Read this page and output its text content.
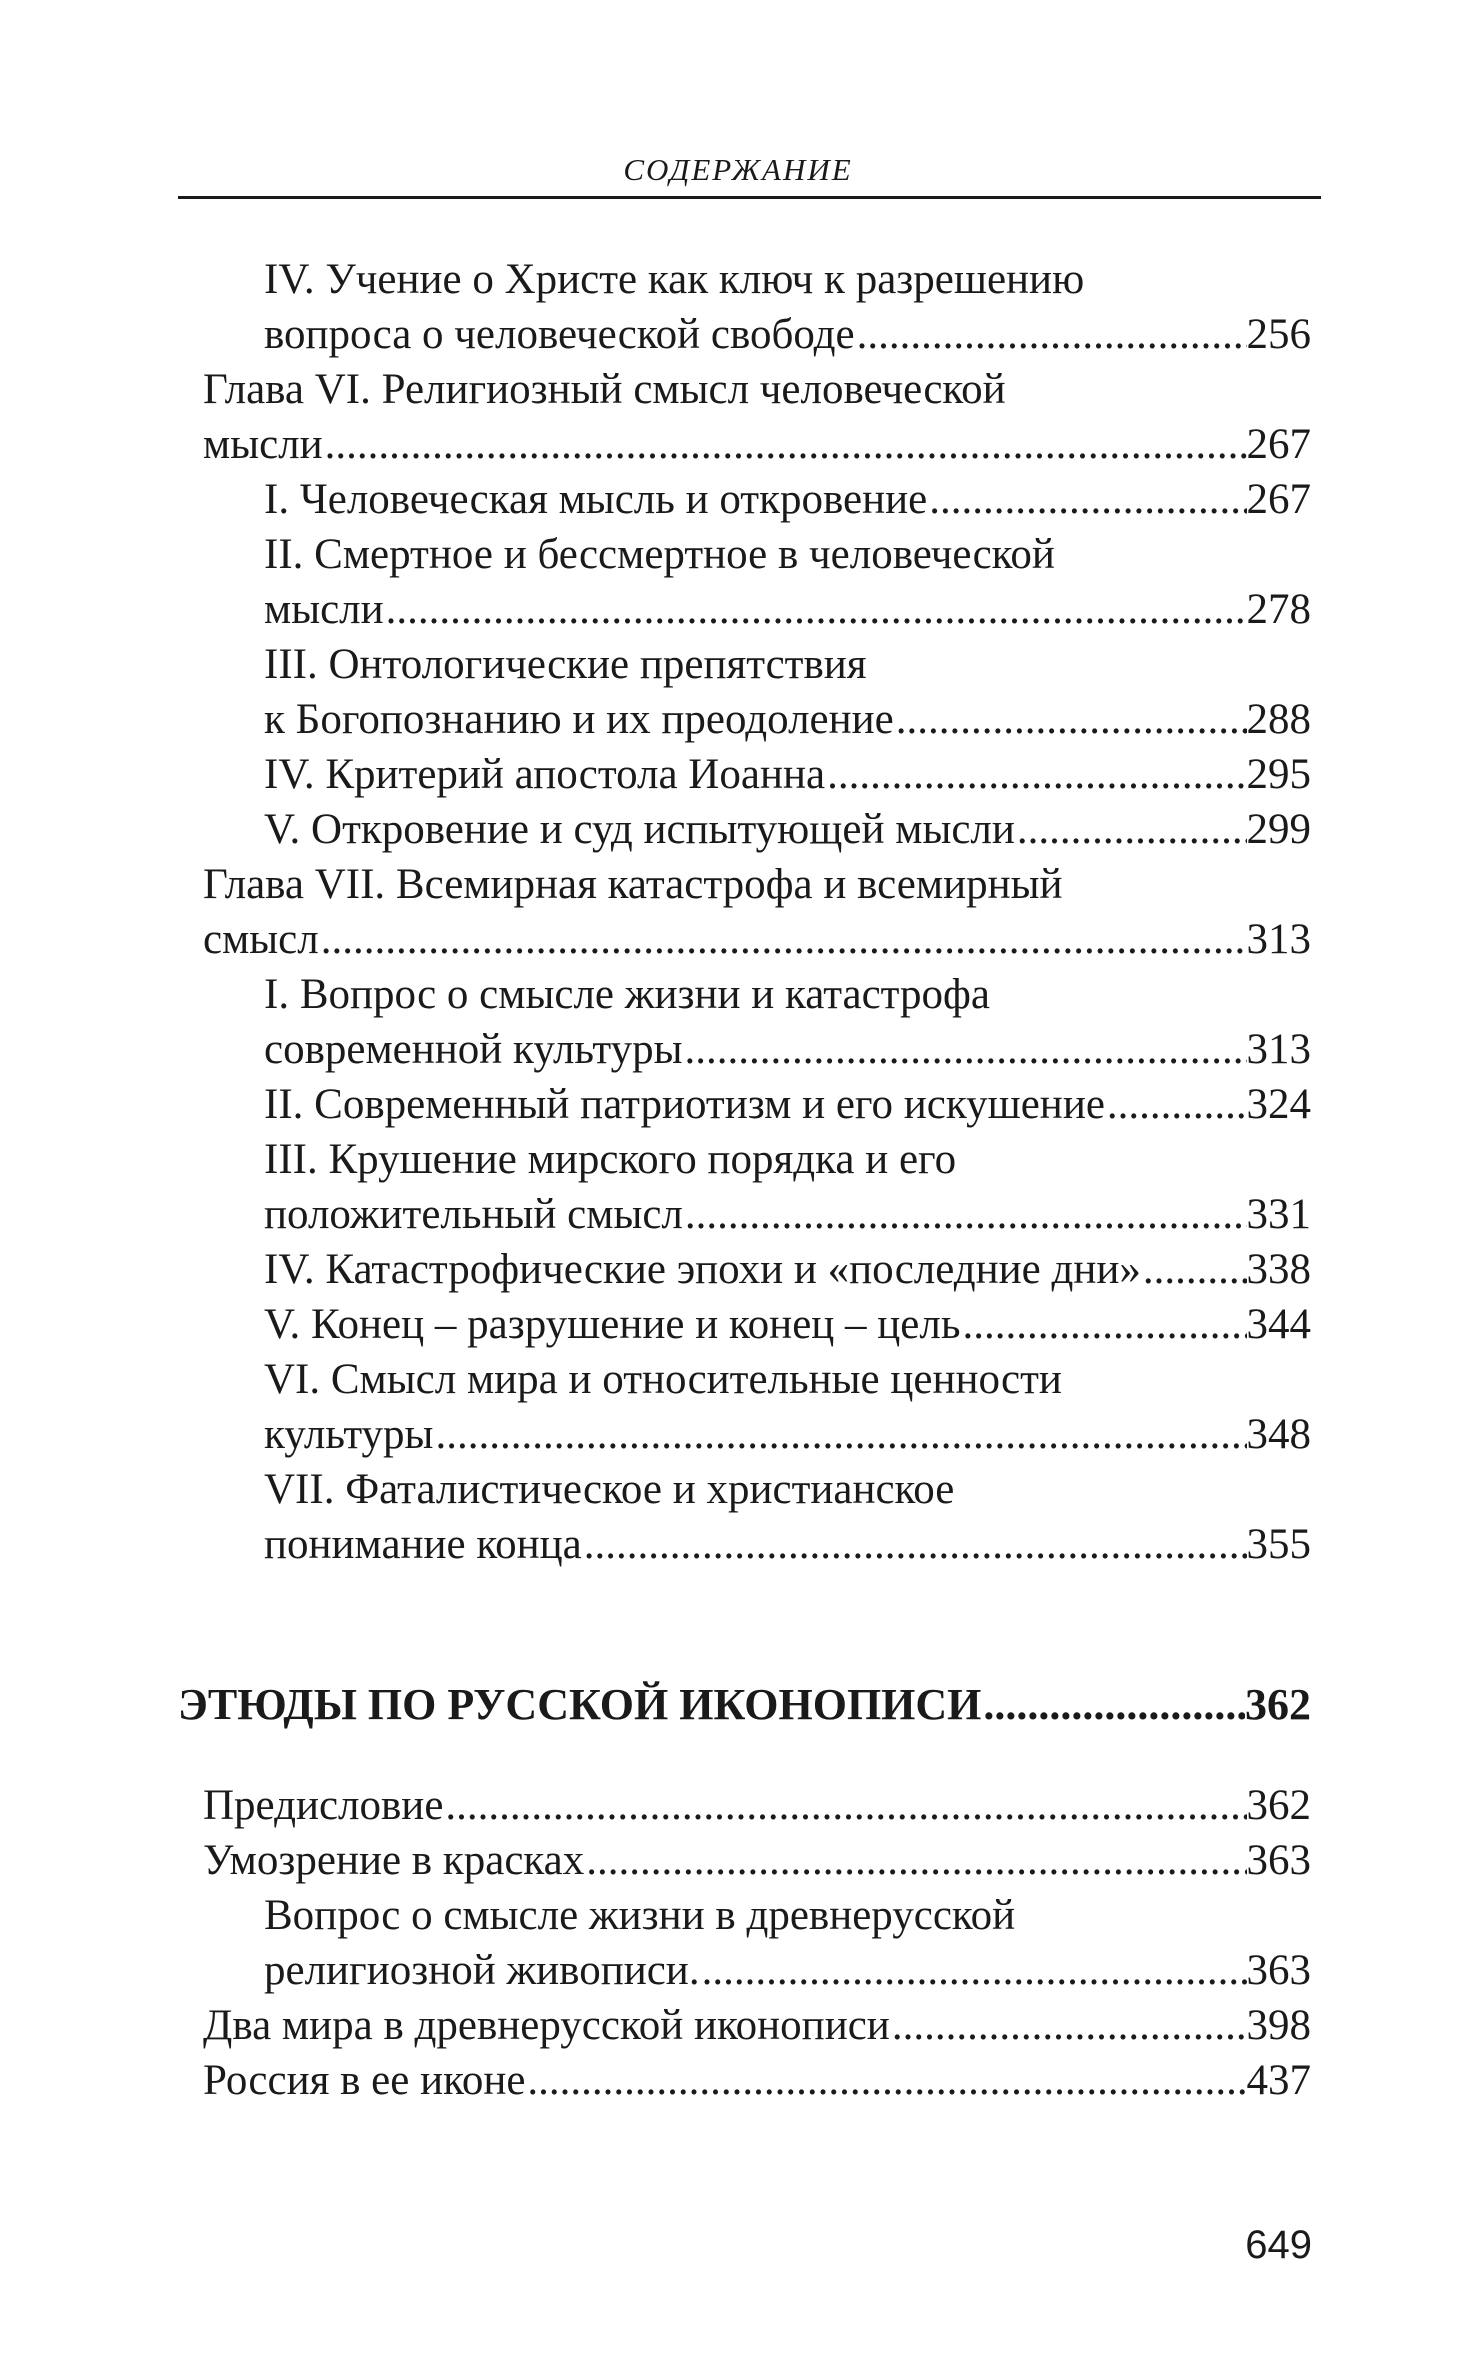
СОДЕРЖАНИЕ
IV. Учение о Христе как ключ к разрешению
вопроса о человеческой свободе .....	256
Глава VI. Религиозный смысл человеческой
мысли .....	267
I. Человеческая мысль и откровение .....	267
II. Смертное и бессмертное в человеческой
мысли .....	278
III. Онтологические препятствия
к Богопознанию и их преодоление .....	288
IV. Критерий апостола Иоанна .....	295
V. Откровение и суд испытующей мысли .....	299
Глава VII. Всемирная катастрофа и всемирный
смысл .....	313
I. Вопрос о смысле жизни и катастрофа
современной культуры .....	313
II. Современный патриотизм и его искушение .....	324
III. Крушение мирского порядка и его
положительный смысл .....	331
IV. Катастрофические эпохи и «последние дни» ..... 338
V. Конец – разрушение и конец – цель .....	344
VI. Смысл мира и относительные ценности
культуры .....	348
VII. Фаталистическое и христианское
понимание конца .....	355
ЭТЮДЫ ПО РУССКОЙ ИКОНОПИСИ .....	362
Предисловие .....	362
Умозрение в красках .....	363
Вопрос о смысле жизни в древнерусской
религиозной живописи. .....	363
Два мира в древнерусской иконописи .....	398
Россия в ее иконе .....	437
649
